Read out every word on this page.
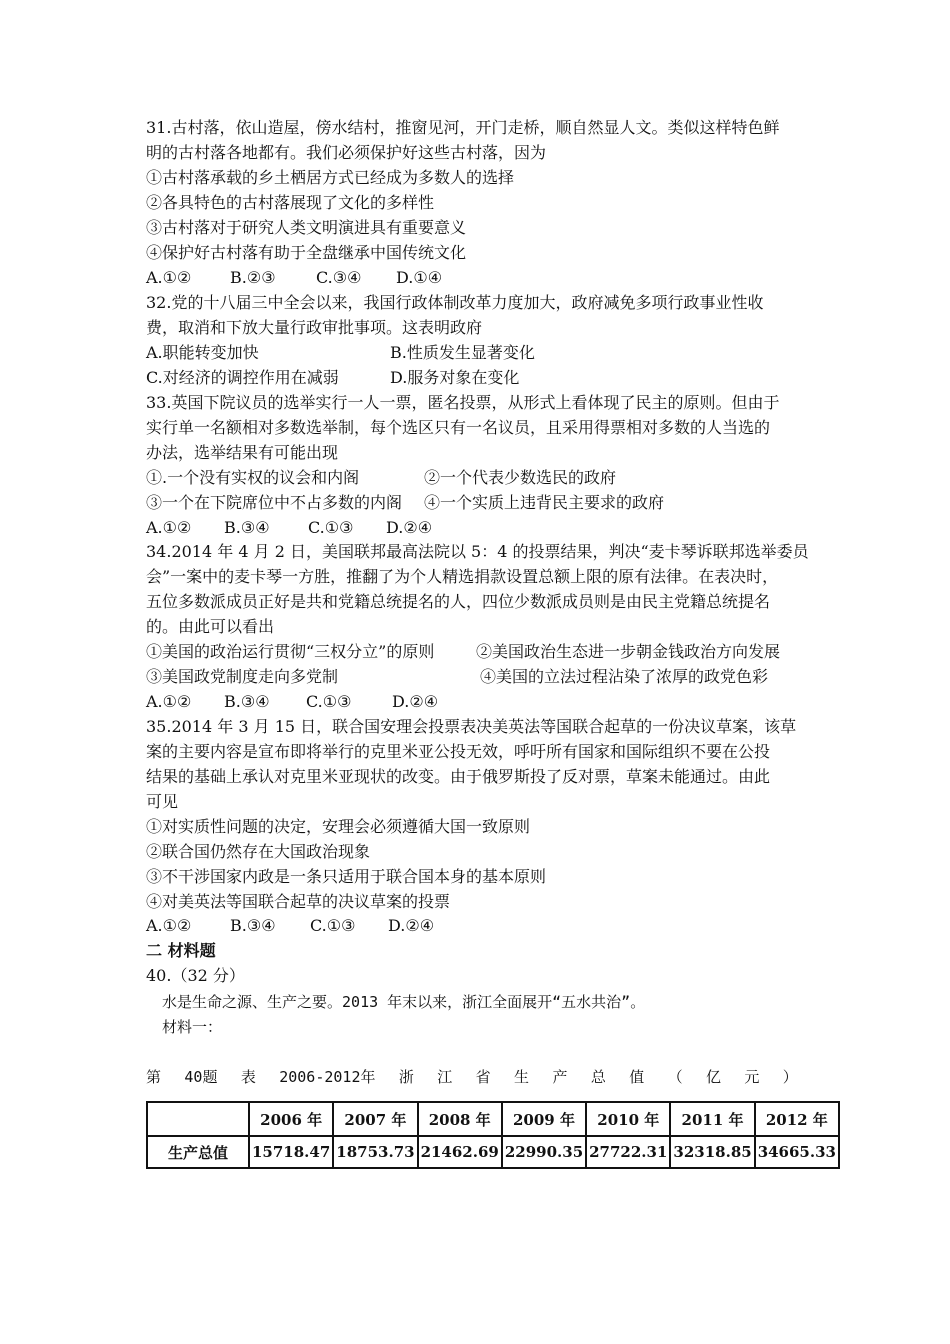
31.古村落，依山造屋，傍水结村，推窗见河，开门走桥，顺自然显人文。类似这样特色鲜
明的古村落各地都有。我们必须保护好这些古村落，因为
①古村落承载的乡土栖居方式已经成为多数人的选择
②各具特色的古村落展现了文化的多样性
③古村落对于研究人类文明演进具有重要意义
④保护好古村落有助于全盘继承中国传统文化
A.①② B.②③	C.③④ D.①④
32.党的十八届三中全会以来，我国行政体制改革力度加大，政府减免多项行政事业性收
费，取消和下放大量行政审批事项。这表明政府
A.职能转变加快	B.性质发生显著变化
C.对经济的调控作用在减弱	D.服务对象在变化
33.英国下院议员的选举实行一人一票，匿名投票，从形式上看体现了民主的原则。但由于
实行单一名额相对多数选举制，每个选区只有一名议员，且采用得票相对多数的人当选的
办法，选举结果有可能出现
①.一个没有实权的议会和内阁	②一个代表少数选民的政府
③一个在下院席位中不占多数的内阁 ④一个实质上违背民主要求的政府
A.①② B.③④ C.①③ D.②④
34.2014 年 4 月 2 日，美国联邦最高法院以 5：4 的投票结果，判决“麦卡琴诉联邦选举委员
会”一案中的麦卡琴一方胜，推翻了为个人精选捐款设置总额上限的原有法律。在表决时，
五位多数派成员正好是共和党籍总统提名的人，四位少数派成员则是由民主党籍总统提名
的。由此可以看出
①美国的政治运行贯彻“三权分立”的原则	②美国政治生态进一步朝金钱政治方向发展
③美国政党制度走向多党制	④美国的立法过程沾染了浓厚的政党色彩
A.①② B.③④ C.①③	D.②④
35.2014 年 3 月 15 日，联合国安理会投票表决美英法等国联合起草的一份决议草案，该草
案的主要内容是宣布即将举行的克里米亚公投无效，呼吁所有国家和国际组织不要在公投
结果的基础上承认对克里米亚现状的改变。由于俄罗斯投了反对票，草案未能通过。由此
可见
①对实质性问题的决定，安理会必须遵循大国一致原则
②联合国仍然存在大国政治现象
③不干涉国家内政是一条只适用于联合国本身的基本原则
④对美英法等国联合起草的决议草案的投票
A.①② B.③④ C.①③ D.②④
二 材料题
40.（32 分）
水是生命之源、生产之要。2013 年末以来，浙江全面展开“五水共治”。
材料一：
第 40题 表 2006-2012年 浙 江 省 生 产 总 值 （ 亿 元 ）
	2006 年	2007 年	2008 年	2009 年	2010 年	2011 年	2012 年
生产总值	15718.47	18753.73	21462.69	22990.35	27722.31	32318.85	34665.33
